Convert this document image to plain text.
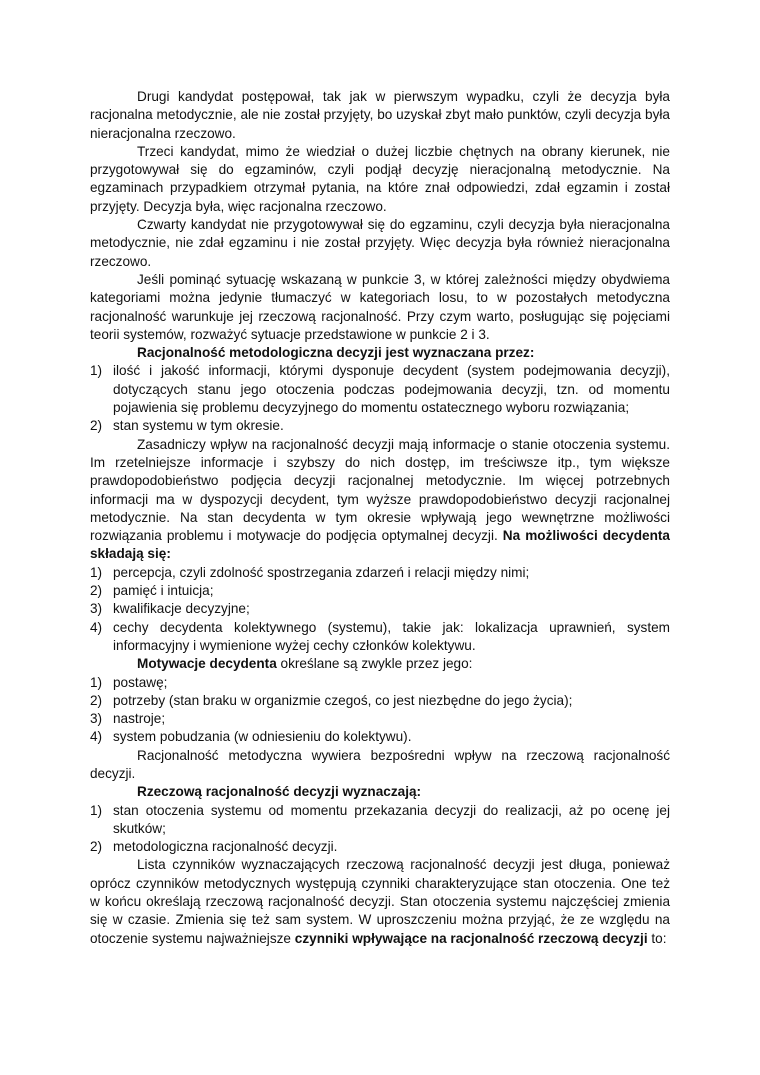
Drugi kandydat postępował, tak jak w pierwszym wypadku, czyli że decyzja była racjonalna metodycznie, ale nie został przyjęty, bo uzyskał zbyt mało punktów, czyli decyzja była nieracjonalna rzeczowo.

Trzeci kandydat, mimo że wiedział o dużej liczbie chętnych na obrany kierunek, nie przygotowywał się do egzaminów, czyli podjął decyzję nieracjonalną metodycznie. Na egzaminach przypadkiem otrzymał pytania, na które znał odpowiedzi, zdał egzamin i został przyjęty. Decyzja była, więc racjonalna rzeczowo.

Czwarty kandydat nie przygotowywał się do egzaminu, czyli decyzja była nieracjonalna metodycznie, nie zdał egzaminu i nie został przyjęty. Więc decyzja była również nieracjonalna rzeczowo.

Jeśli pominąć sytuację wskazaną w punkcie 3, w której zależności między obydwiema kategoriami można jedynie tłumaczyć w kategoriach losu, to w pozostałych metodyczna racjonalność warunkuje jej rzeczową racjonalność. Przy czym warto, posługując się pojęciami teorii systemów, rozważyć sytuacje przedstawione w punkcie 2 i 3.

Racjonalność metodologiczna decyzji jest wyznaczana przez:

1) ilość i jakość informacji, którymi dysponuje decydent (system podejmowania decyzji), dotyczących stanu jego otoczenia podczas podejmowania decyzji, tzn. od momentu pojawienia się problemu decyzyjnego do momentu ostatecznego wyboru rozwiązania;
2) stan systemu w tym okresie.

Zasadniczy wpływ na racjonalność decyzji mają informacje o stanie otoczenia systemu. Im rzetelniejsze informacje i szybszy do nich dostęp, im treściwsze itp., tym większe prawdopodobieństwo podjęcia decyzji racjonalnej metodycznie. Im więcej potrzebnych informacji ma w dyspozycji decydent, tym wyższe prawdopodobieństwo decyzji racjonalnej metodycznie. Na stan decydenta w tym okresie wpływają jego wewnętrzne możliwości rozwiązania problemu i motywacje do podjęcia optymalnej decyzji. Na możliwości decydenta składają się:

1) percepcja, czyli zdolność spostrzegania zdarzeń i relacji między nimi;
2) pamięć i intuicja;
3) kwalifikacje decyzyjne;
4) cechy decydenta kolektywnego (systemu), takie jak: lokalizacja uprawnień, system informacyjny i wymienione wyżej cechy członków kolektywu.

Motywacje decydenta określane są zwykle przez jego:

1) postawę;
2) potrzeby (stan braku w organizmie czegoś, co jest niezbędne do jego życia);
3) nastroje;
4) system pobudzania (w odniesieniu do kolektywu).

Racjonalność metodyczna wywiera bezpośredni wpływ na rzeczową racjonalność decyzji.

Rzeczową racjonalność decyzji wyznaczają:

1) stan otoczenia systemu od momentu przekazania decyzji do realizacji, aż po ocenę jej skutków;
2) metodologiczna racjonalność decyzji.

Lista czynników wyznaczających rzeczową racjonalność decyzji jest długa, ponieważ oprócz czynników metodycznych występują czynniki charakteryzujące stan otoczenia. One też w końcu określają rzeczową racjonalność decyzji. Stan otoczenia systemu najczęściej zmienia się w czasie. Zmienia się też sam system. W uproszczeniu można przyjąć, że ze względu na otoczenie systemu najważniejsze czynniki wpływające na racjonalność rzeczową decyzji to:
